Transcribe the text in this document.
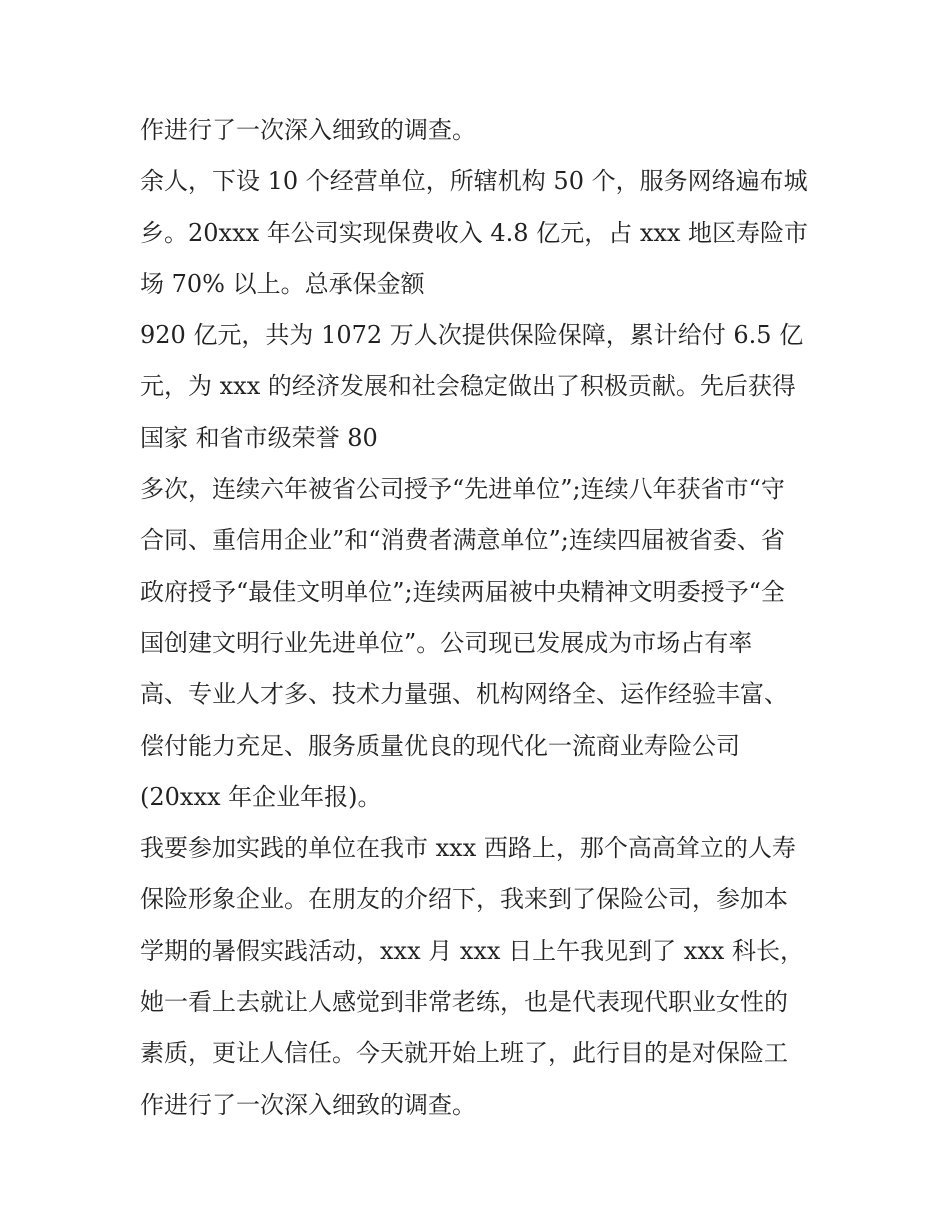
作进行了一次深入细致的调查。
余人，下设 10 个经营单位，所辖机构 50 个，服务网络遍布城
乡。20xxx 年公司实现保费收入 4.8 亿元，占 xxx 地区寿险市
场 70% 以上。总承保金额
920 亿元，共为 1072 万人次提供保险保障，累计给付 6.5 亿
元，为 xxx 的经济发展和社会稳定做出了积极贡献。先后获得
国家 和省市级荣誉 80
多次，连续六年被省公司授予“先进单位”;连续八年获省市“守
合同、重信用企业”和“消费者满意单位”;连续四届被省委、省
政府授予“最佳文明单位”;连续两届被中央精神文明委授予“全
国创建文明行业先进单位”。公司现已发展成为市场占有率
高、专业人才多、技术力量强、机构网络全、运作经验丰富、
偿付能力充足、服务质量优良的现代化一流商业寿险公司
(20xxx 年企业年报)。
我要参加实践的单位在我市 xxx 西路上，那个高高耸立的人寿
保险形象企业。在朋友的介绍下，我来到了保险公司，参加本
学期的暑假实践活动，xxx 月 xxx 日上午我见到了 xxx 科长，
她一看上去就让人感觉到非常老练，也是代表现代职业女性的
素质，更让人信任。今天就开始上班了，此行目的是对保险工
作进行了一次深入细致的调查。
